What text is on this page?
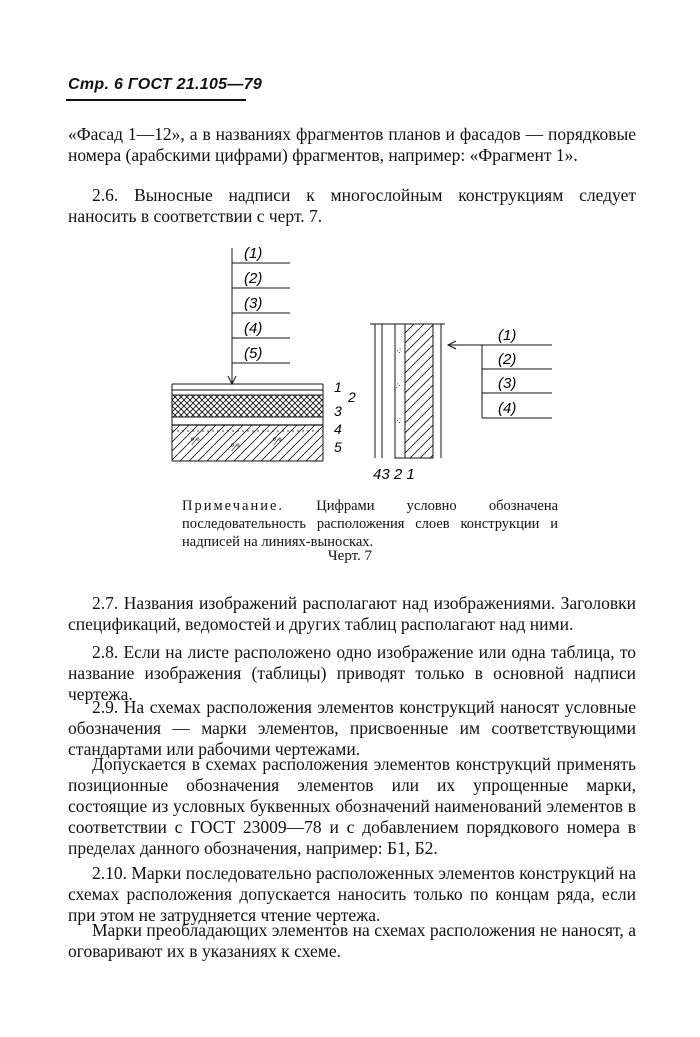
Стр. 6 ГОСТ 21.105—79

«Фасад 1—12», а в названиях фрагментов планов и фасадов — порядковые номера (арабскими цифрами) фрагментов, например: «Фрагмент 1».

2.6. Выносные надписи к многослойным конструкциям следует наносить в соответствии с черт. 7.

(1)
(2)
(3)
(4)
(5)
°∕°
°∕°
°∕°
1
2
3
4
5
·:
:·
·:
(1)
(2)
(3)
(4)
43 2 1
Примечание. Цифрами условно обозначена последовательность расположения слоев конструкции и надписей на линиях-выносках.
Черт. 7

2.7. Названия изображений располагают над изображениями. Заголовки спецификаций, ведомостей и других таблиц располагают над ними.

2.8. Если на листе расположено одно изображение или одна таблица, то название изображения (таблицы) приводят только в основной надписи чертежа.

2.9. На схемах расположения элементов конструкций наносят условные обозначения — марки элементов, присвоенные им соответствующими стандартами или рабочими чертежами.

Допускается в схемах расположения элементов конструкций применять позиционные обозначения элементов или их упрощенные марки, состоящие из условных буквенных обозначений наименований элементов в соответствии с ГОСТ 23009—78 и с добавлением порядкового номера в пределах данного обозначения, например: Б1, Б2.

2.10. Марки последовательно расположенных элементов конструкций на схемах расположения допускается наносить только по концам ряда, если при этом не затрудняется чтение чертежа.

Марки преобладающих элементов на схемах расположения не наносят, а оговаривают их в указаниях к схеме.
